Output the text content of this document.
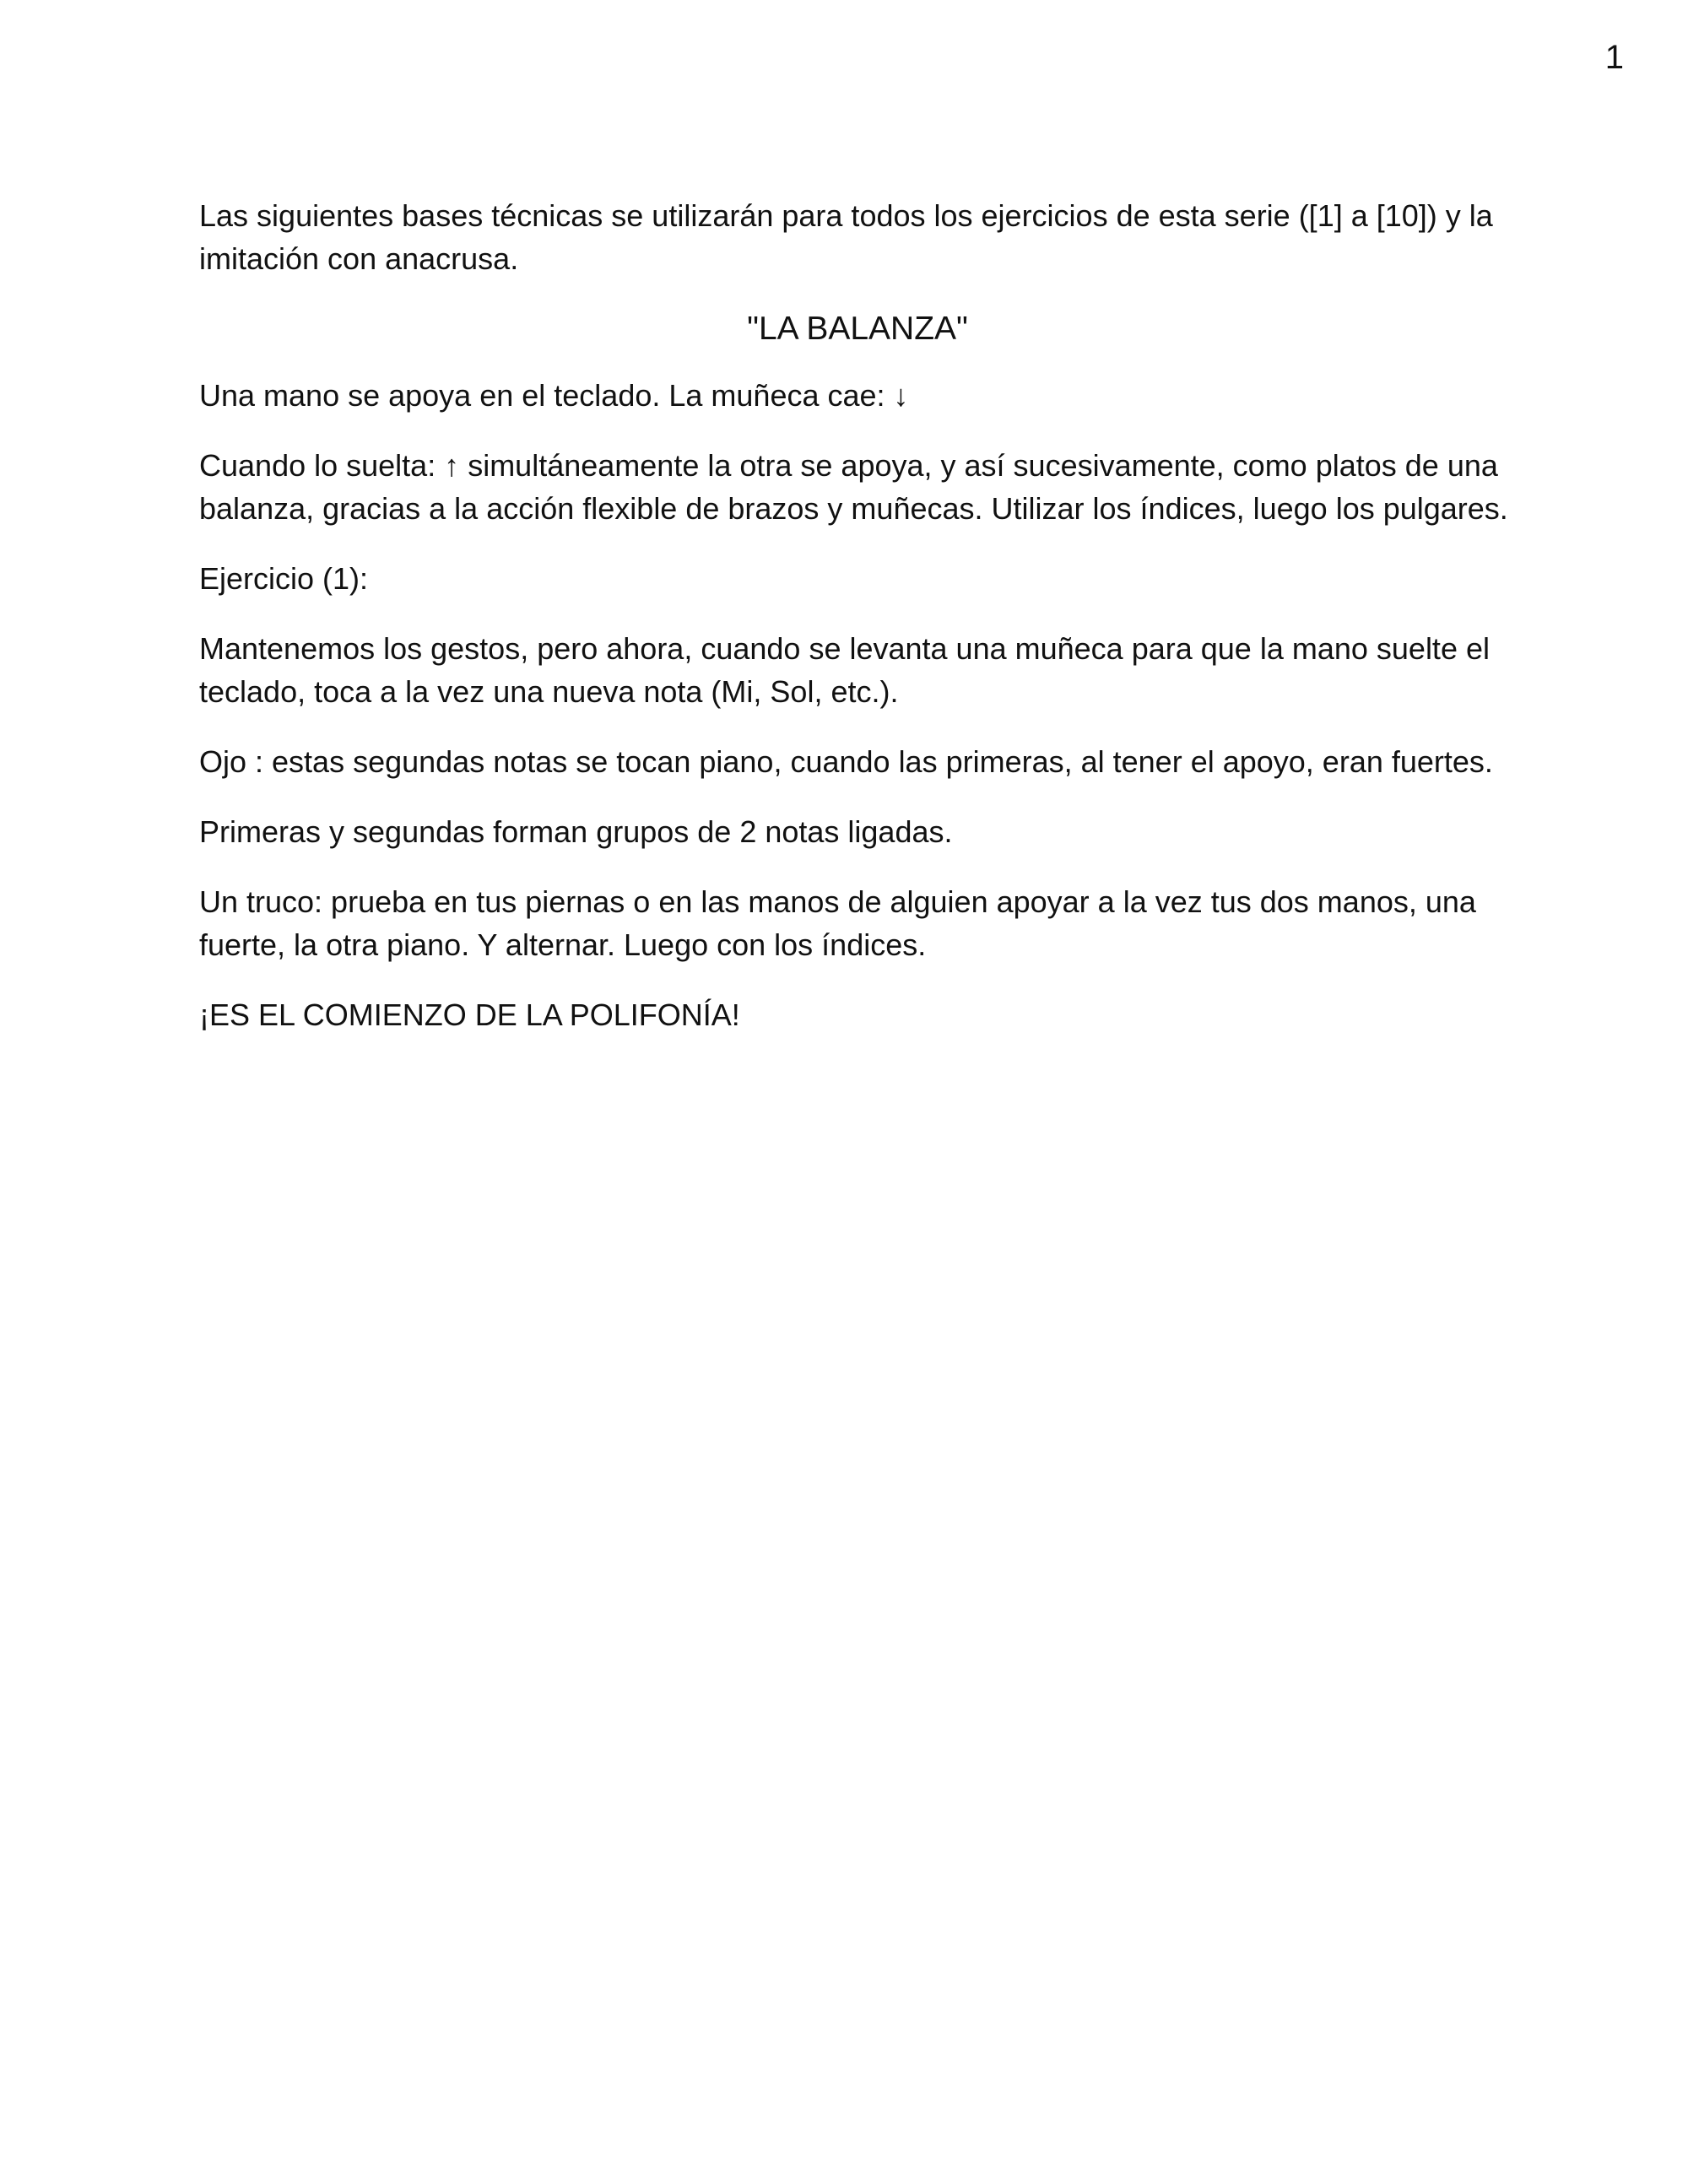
1

Las siguientes bases técnicas se utilizarán para todos los ejercicios de esta serie ([1] a [10]) y la imitación con anacrusa.

"LA BALANZA"

Una mano se apoya en el teclado. La muñeca cae: ↓

Cuando lo suelta: ↑ simultáneamente la otra se apoya, y así sucesivamente, como platos de una balanza, gracias a la acción flexible de brazos y muñecas. Utilizar los índices, luego los pulgares.

Ejercicio (1):

Mantenemos los gestos, pero ahora, cuando se levanta una muñeca para que la mano suelte el teclado, toca a la vez una nueva nota (Mi, Sol, etc.).

Ojo : estas segundas notas se tocan piano, cuando las primeras, al tener el apoyo, eran fuertes.

Primeras y segundas forman grupos de 2 notas ligadas.

Un truco: prueba en tus piernas o en las manos de alguien apoyar a la vez tus dos manos, una fuerte, la otra piano. Y alternar. Luego con los índices.

¡ES EL COMIENZO DE LA POLIFONÍA!
